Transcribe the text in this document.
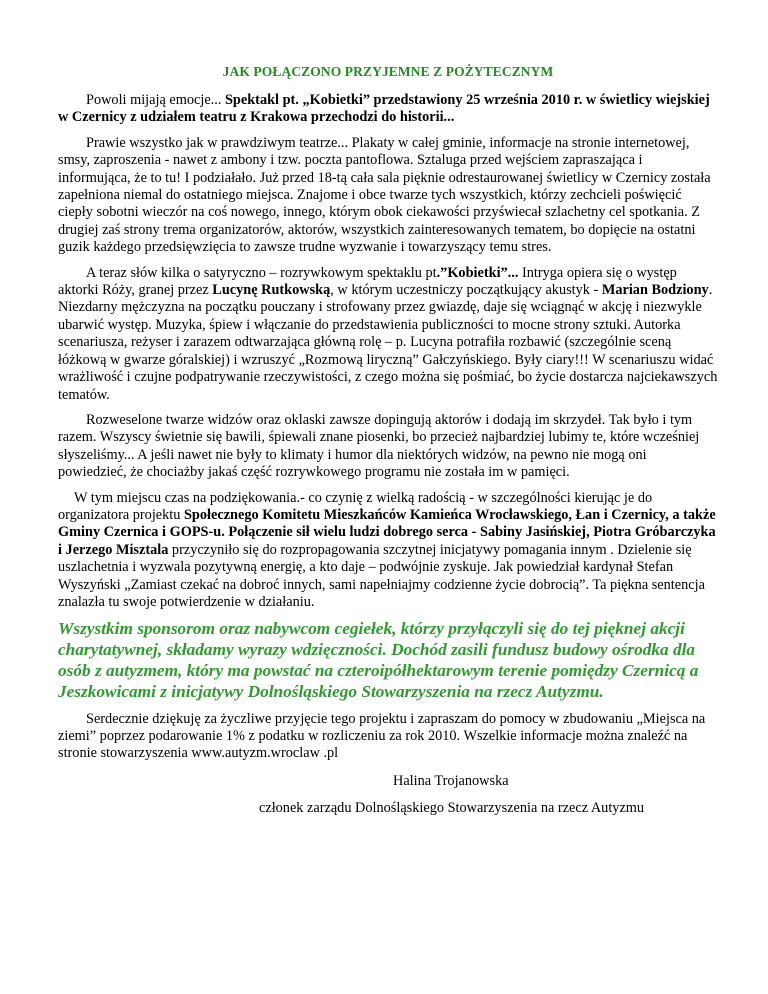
JAK POŁĄCZONO PRZYJEMNE Z POŻYTECZNYM

Powoli mijają emocje... Spektakl pt. „Kobietki” przedstawiony 25 września 2010 r. w świetlicy wiejskiej w Czernicy z udziałem teatru z Krakowa przechodzi do historii...

Prawie wszystko jak w prawdziwym teatrze... Plakaty w całej gminie, informacje na stronie internetowej, smsy, zaproszenia - nawet z ambony i tzw. poczta pantoflowa. Sztaluga przed wejściem zapraszająca i informująca, że to tu! I podziałało. Już przed 18-tą cała sala pięknie odrestaurowanej świetlicy w Czernicy została zapełniona niemal do ostatniego miejsca. Znajome i obce twarze tych wszystkich, którzy zechcieli poświęcić ciepły sobotni wieczór na coś nowego, innego, którym obok ciekawości przyświecał szlachetny cel spotkania. Z drugiej zaś strony trema organizatorów, aktorów, wszystkich zainteresowanych tematem, bo dopięcie na ostatni guzik każdego przedsięwzięcia to zawsze trudne wyzwanie i towarzyszący temu stres.

A teraz słów kilka o satyryczno – rozrywkowym spektaklu pt.”Kobietki”... Intryga opiera się o występ aktorki Róży, granej przez Lucynę Rutkowską, w którym uczestniczy początkujący akustyk - Marian Bodziony. Niezdarny mężczyzna na początku pouczany i strofowany przez gwiazdę, daje się wciągnąć w akcję i niezwykle ubarwić występ. Muzyka, śpiew i włączanie do przedstawienia publiczności to mocne strony sztuki. Autorka scenariusza, reżyser i zarazem odtwarzająca główną rolę – p. Lucyna potrafiła rozbawić (szczególnie sceną łóżkową w gwarze góralskiej) i wzruszyć „Rozmową liryczną” Gałczyńskiego. Były ciary!!! W scenariuszu widać wrażliwość i czujne podpatrywanie rzeczywistości, z czego można się pośmiać, bo życie dostarcza najciekawszych tematów.

Rozweselone twarze widzów oraz oklaski zawsze dopingują aktorów i dodają im skrzydeł. Tak było i tym razem. Wszyscy świetnie się bawili, śpiewali znane piosenki, bo przecież najbardziej lubimy te, które wcześniej słyszeliśmy... A jeśli nawet nie były to klimaty i humor dla niektórych widzów, na pewno nie mogą oni powiedzieć, że chociażby jakaś część rozrywkowego programu nie została im w pamięci.

W tym miejscu czas na podziękowania.- co czynię z wielką radością - w szczególności kierując je do organizatora projektu Społecznego Komitetu Mieszkańców Kamieńca Wrocławskiego, Łan i Czernicy, a także Gminy Czernica i GOPS-u. Połączenie sił wielu ludzi dobrego serca - Sabiny Jasińskiej, Piotra Gróbarczyka i Jerzego Misztala przyczyniło się do rozpropagowania szczytnej inicjatywy pomagania innym . Dzielenie się uszlachetnia i wyzwala pozytywną energię, a kto daje – podwójnie zyskuje. Jak powiedział kardynał Stefan Wyszyński „Zamiast czekać na dobroć innych, sami napełniajmy codzienne życie dobrocią”. Ta piękna sentencja znalazła tu swoje potwierdzenie w działaniu.

Wszystkim sponsorom oraz nabywcom cegiełek, którzy przyłączyli się do tej pięknej akcji charytatywnej, składamy wyrazy wdzięczności. Dochód zasili fundusz budowy ośrodka dla osób z autyzmem, który ma powstać na czteroipółhektarowym terenie pomiędzy Czernicą a Jeszkowicami z inicjatywy Dolnośląskiego Stowarzyszenia na rzecz Autyzmu.

Serdecznie dziękuję za życzliwe przyjęcie tego projektu i zapraszam do pomocy w zbudowaniu „Miejsca na ziemi” poprzez podarowanie 1% z podatku w rozliczeniu za rok 2010. Wszelkie informacje można znaleźć na stronie stowarzyszenia www.autyzm.wroclaw .pl

Halina Trojanowska
członek zarządu Dolnośląskiego Stowarzyszenia na rzecz Autyzmu
